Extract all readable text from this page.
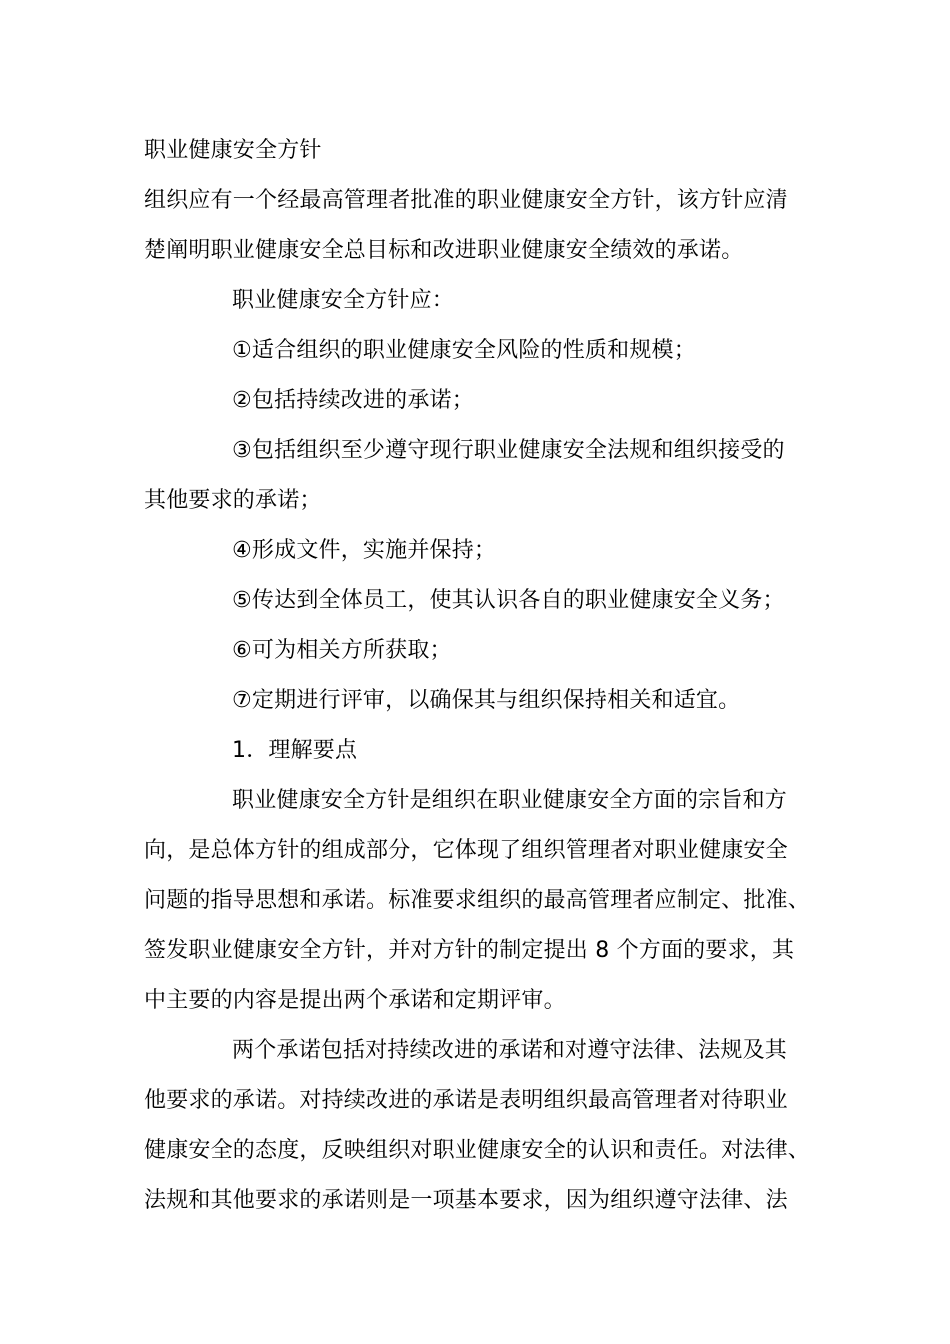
职业健康安全方针
组织应有一个经最高管理者批准的职业健康安全方针，该方针应清
楚阐明职业健康安全总目标和改进职业健康安全绩效的承诺。
职业健康安全方针应：
①适合组织的职业健康安全风险的性质和规模；
②包括持续改进的承诺；
③包括组织至少遵守现行职业健康安全法规和组织接受的
其他要求的承诺；
④形成文件，实施并保持；
⑤传达到全体员工，使其认识各自的职业健康安全义务；
⑥可为相关方所获取；
⑦定期进行评审，以确保其与组织保持相关和适宜。
1．理解要点
职业健康安全方针是组织在职业健康安全方面的宗旨和方
向，是总体方针的组成部分，它体现了组织管理者对职业健康安全
问题的指导思想和承诺。标准要求组织的最高管理者应制定、批准、
签发职业健康安全方针，并对方针的制定提出 8 个方面的要求，其
中主要的内容是提出两个承诺和定期评审。
两个承诺包括对持续改进的承诺和对遵守法律、法规及其
他要求的承诺。对持续改进的承诺是表明组织最高管理者对待职业
健康安全的态度，反映组织对职业健康安全的认识和责任。对法律、
法规和其他要求的承诺则是一项基本要求，因为组织遵守法律、法
